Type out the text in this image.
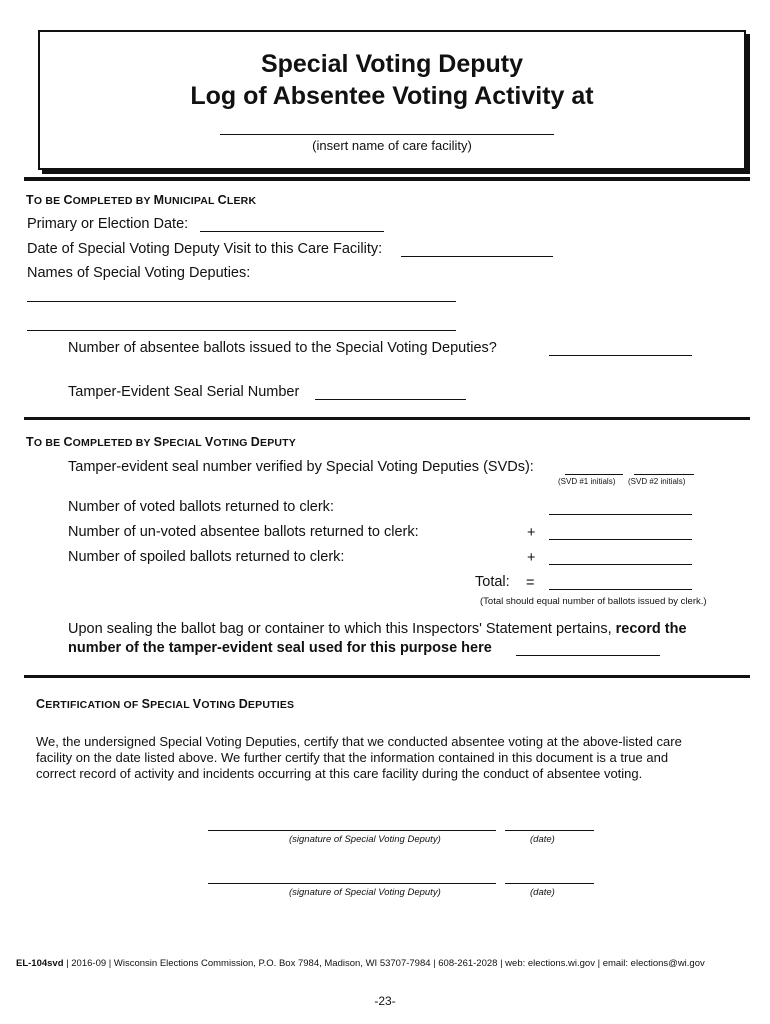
Special Voting Deputy
Log of Absentee Voting Activity at
(insert name of care facility)
TO BE COMPLETED BY MUNICIPAL CLERK
Primary or Election Date:
Date of Special Voting Deputy Visit to this Care Facility:
Names of Special Voting Deputies:
Number of absentee ballots issued to the Special Voting Deputies?
Tamper-Evident Seal Serial Number
TO BE COMPLETED BY SPECIAL VOTING DEPUTY
Tamper-evident seal number verified by Special Voting Deputies (SVDs):
(SVD #1 initials) (SVD #2 initials)
Number of voted ballots returned to clerk:
Number of un-voted absentee ballots returned to clerk:	+
Number of spoiled ballots returned to clerk:	+
Total: =
(Total should equal number of ballots issued by clerk.)
Upon sealing the ballot bag or container to which this Inspectors' Statement pertains, record the
number of the tamper-evident seal used for this purpose here
CERTIFICATION OF SPECIAL VOTING DEPUTIES
We, the undersigned Special Voting Deputies, certify that we conducted absentee voting at the above-listed care
facility on the date listed above. We further certify that the information contained in this document is a true and
correct record of activity and incidents occurring at this care facility during the conduct of absentee voting.
(signature of Special Voting Deputy)	(date)
(signature of Special Voting Deputy)	(date)
EL-104svd | 2016-09 | Wisconsin Elections Commission, P.O. Box 7984, Madison, WI 53707-7984 | 608-261-2028 | web: elections.wi.gov | email: elections@wi.gov
-23-
